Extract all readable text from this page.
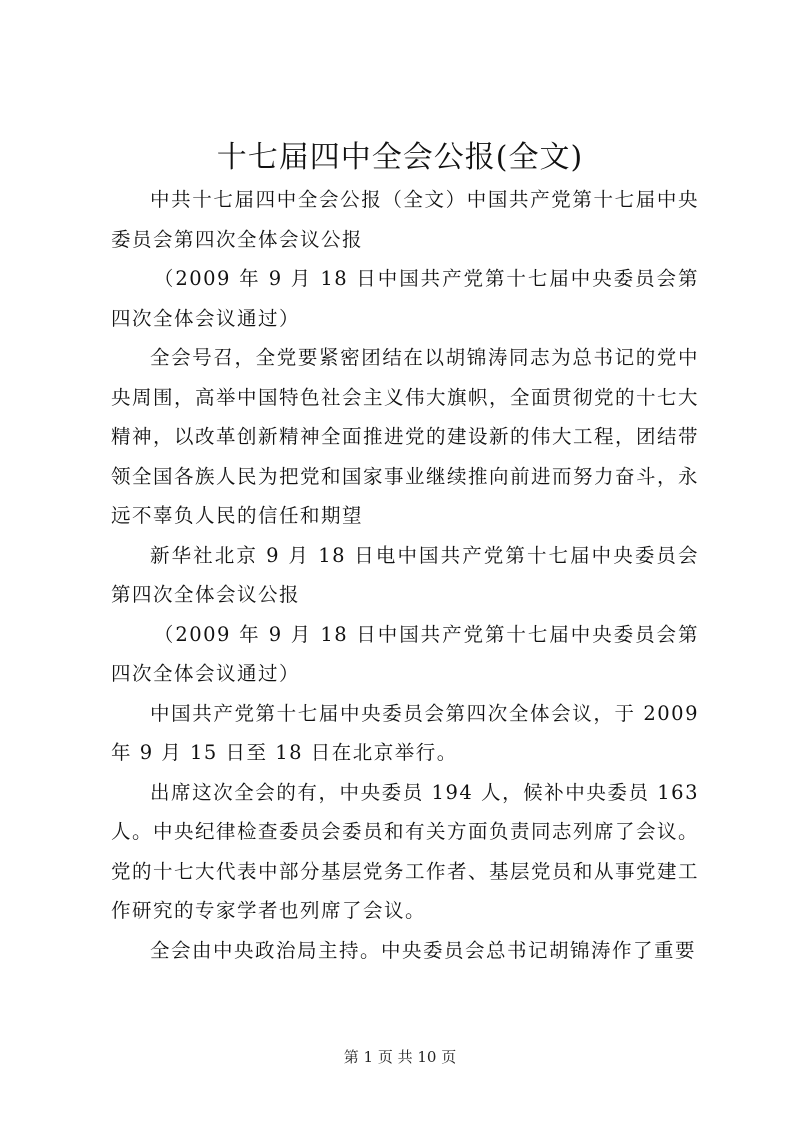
十七届四中全会公报(全文)

中共十七届四中全会公报（全文）中国共产党第十七届中央委员会第四次全体会议公报

（2009 年 9 月 18 日中国共产党第十七届中央委员会第四次全体会议通过）

全会号召，全党要紧密团结在以胡锦涛同志为总书记的党中央周围，高举中国特色社会主义伟大旗帜，全面贯彻党的十七大精神，以改革创新精神全面推进党的建设新的伟大工程，团结带领全国各族人民为把党和国家事业继续推向前进而努力奋斗，永远不辜负人民的信任和期望

新华社北京 9 月 18 日电中国共产党第十七届中央委员会第四次全体会议公报

（2009 年 9 月 18 日中国共产党第十七届中央委员会第四次全体会议通过）

中国共产党第十七届中央委员会第四次全体会议，于 2009 年 9 月 15 日至 18 日在北京举行。

出席这次全会的有，中央委员 194 人，候补中央委员 163 人。中央纪律检查委员会委员和有关方面负责同志列席了会议。党的十七大代表中部分基层党务工作者、基层党员和从事党建工作研究的专家学者也列席了会议。

全会由中央政治局主持。中央委员会总书记胡锦涛作了重要

第 1 页 共 10 页
